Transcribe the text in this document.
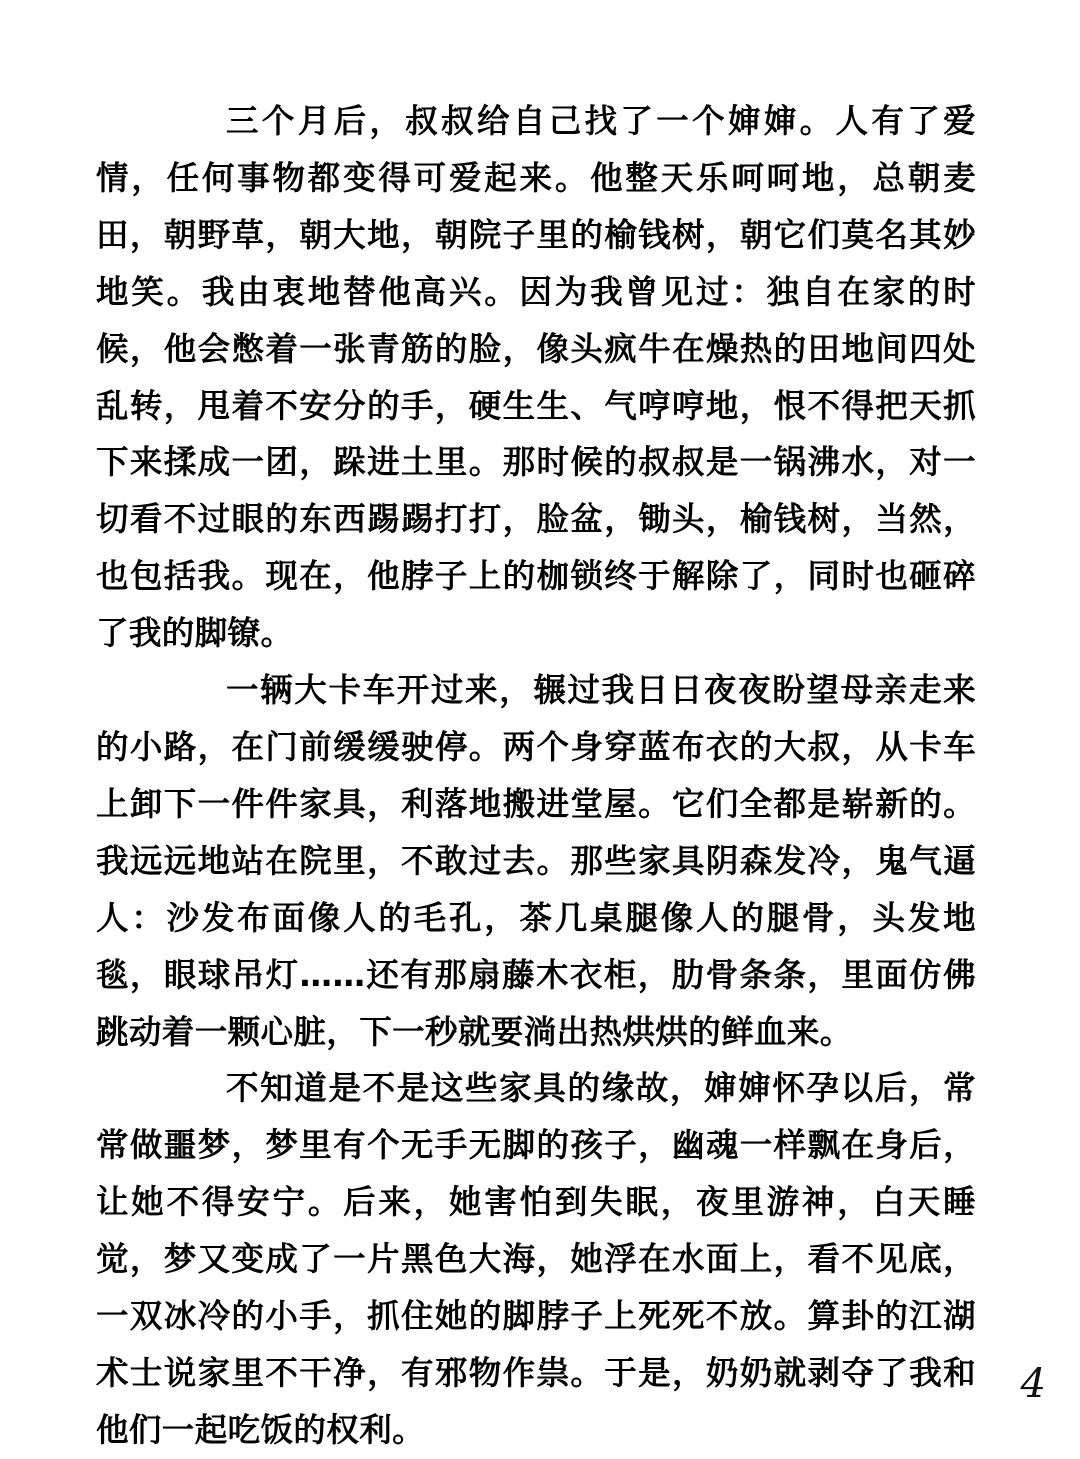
三个月后，叔叔给自己找了一个婶婶。人有了爱情，任何事物都变得可爱起来。他整天乐呵呵地，总朝麦田，朝野草，朝大地，朝院子里的榆钱树，朝它们莫名其妙地笑。我由衷地替他高兴。因为我曾见过：独自在家的时候，他会憋着一张青筋的脸，像头疯牛在燥热的田地间四处乱转，甩着不安分的手，硬生生、气哼哼地，恨不得把天抓下来揉成一团，跺进土里。那时候的叔叔是一锅沸水，对一切看不过眼的东西踢踢打打，脸盆，锄头，榆钱树，当然，也包括我。现在，他脖子上的枷锁终于解除了，同时也砸碎了我的脚镣。

一辆大卡车开过来，辗过我日日夜夜盼望母亲走来的小路，在门前缓缓驶停。两个身穿蓝布衣的大叔，从卡车上卸下一件件家具，利落地搬进堂屋。它们全都是崭新的。我远远地站在院里，不敢过去。那些家具阴森发冷，鬼气逼人：沙发布面像人的毛孔，茶几桌腿像人的腿骨，头发地毯，眼球吊灯……还有那扇藤木衣柜，肋骨条条，里面仿佛跳动着一颗心脏，下一秒就要淌出热烘烘的鲜血来。

不知道是不是这些家具的缘故，婶婶怀孕以后，常常做噩梦，梦里有个无手无脚的孩子，幽魂一样飘在身后，让她不得安宁。后来，她害怕到失眠，夜里游神，白天睡觉，梦又变成了一片黑色大海，她浮在水面上，看不见底，一双冰冷的小手，抓住她的脚脖子上死死不放。算卦的江湖术士说家里不干净，有邪物作祟。于是，奶奶就剥夺了我和他们一起吃饭的权利。

4
